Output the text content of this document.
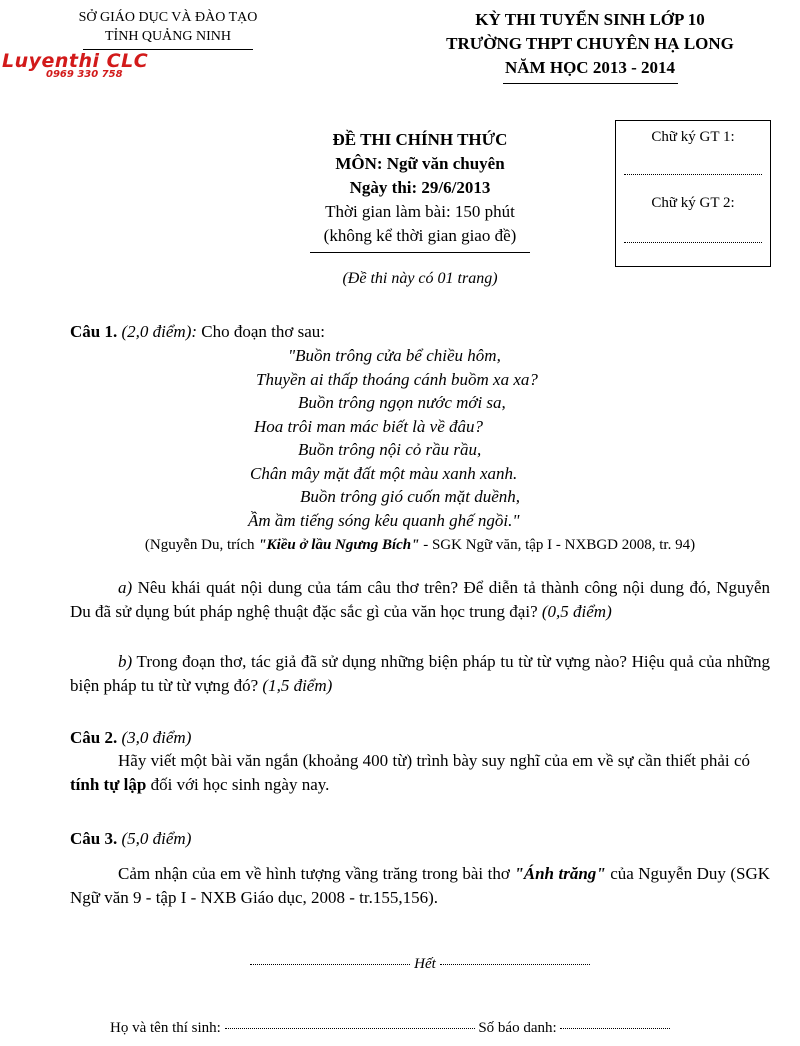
SỞ GIÁO DỤC VÀ ĐÀO TẠO
TỈNH QUẢNG NINH
Luyenthi CLC
0969 330 758
KỲ THI TUYỂN SINH LỚP 10
TRƯỜNG THPT CHUYÊN HẠ LONG
NĂM HỌC 2013 - 2014
ĐỀ THI CHÍNH THỨC
MÔN: Ngữ văn chuyên
Ngày thi: 29/6/2013
Thời gian làm bài: 150 phút
(không kể thời gian giao đề)
(Đề thi này có 01 trang)
Chữ ký GT 1:
Chữ ký GT 2:
Câu 1. (2,0 điểm): Cho đoạn thơ sau:
"Buồn trông cửa bể chiều hôm,
Thuyền ai thấp thoáng cánh buồm xa xa?
Buồn trông ngọn nước mới sa,
Hoa trôi man mác biết là về đâu?
Buồn trông nội cỏ rầu rầu,
Chân mây mặt đất một màu xanh xanh.
Buồn trông gió cuốn mặt duềnh,
Ầm ầm tiếng sóng kêu quanh ghế ngồi."
(Nguyễn Du, trích "Kiều ở lầu Ngưng Bích" - SGK Ngữ văn, tập I - NXBGD 2008, tr. 94)
a) Nêu khái quát nội dung của tám câu thơ trên? Để diễn tả thành công nội dung đó, Nguyễn Du đã sử dụng bút pháp nghệ thuật đặc sắc gì của văn học trung đại? (0,5 điểm)
b) Trong đoạn thơ, tác giả đã sử dụng những biện pháp tu từ từ vựng nào? Hiệu quả của những biện pháp tu từ từ vựng đó? (1,5 điểm)
Câu 2. (3,0 điểm)
Hãy viết một bài văn ngắn (khoảng 400 từ) trình bày suy nghĩ của em về sự cần thiết phải có tính tự lập đối với học sinh ngày nay.
Câu 3. (5,0 điểm)
Cảm nhận của em về hình tượng vầng trăng trong bài thơ "Ánh trăng" của Nguyễn Duy (SGK Ngữ văn 9 - tập I - NXB Giáo dục, 2008 - tr.155,156).
Hết
Họ và tên thí sinh:	Số báo danh:
